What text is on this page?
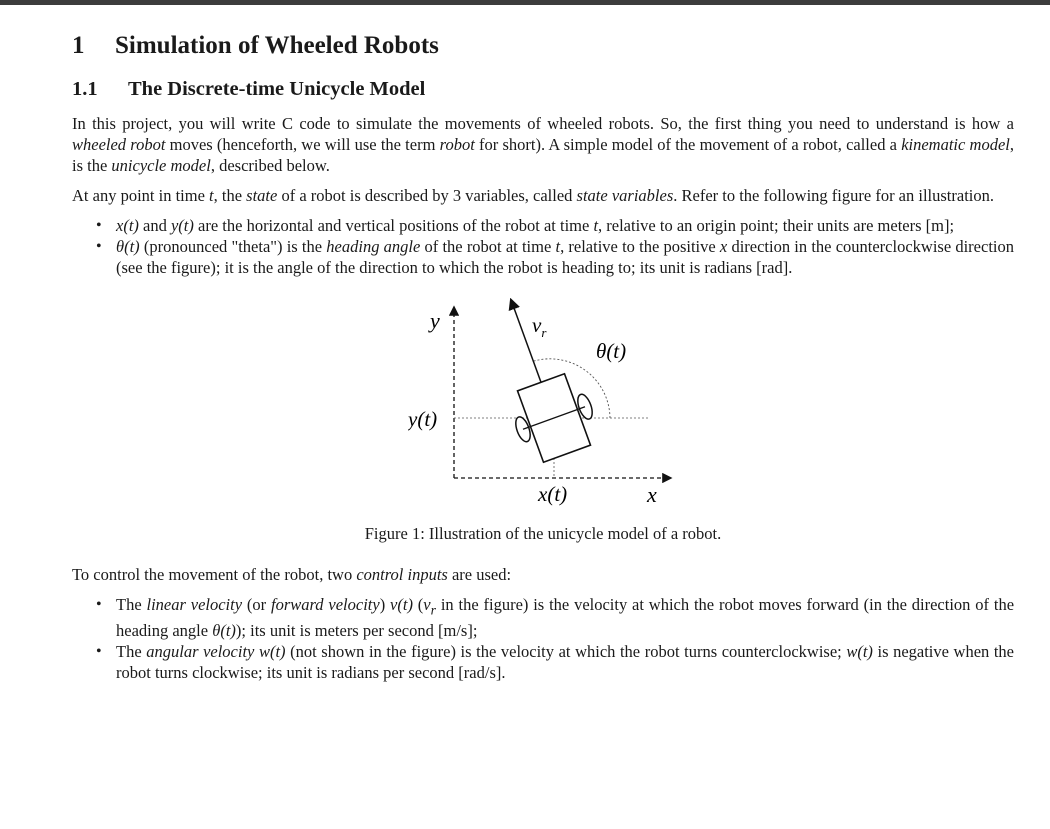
1 Simulation of Wheeled Robots
1.1 The Discrete-time Unicycle Model

In this project, you will write C code to simulate the movements of wheeled robots. So, the first thing you need to understand is how a wheeled robot moves (henceforth, we will use the term robot for short). A simple model of the movement of a robot, called a kinematic model, is the unicycle model, described below.

At any point in time t, the state of a robot is described by 3 variables, called state variables. Refer to the following figure for an illustration.

• x(t) and y(t) are the horizontal and vertical positions of the robot at time t, relative to an origin point; their units are meters [m];
• θ(t) (pronounced "theta") is the heading angle of the robot at time t, relative to the positive x direction in the counterclockwise direction (see the figure); it is the angle of the direction to which the robot is heading to; its unit is radians [rad].
y
x
y(t)
x(t)
θ(t)
$v_r$
Figure 1: Illustration of the unicycle model of a robot.

To control the movement of the robot, two control inputs are used:

• The linear velocity (or forward velocity) v(t) ($v_r$ in the figure) is the velocity at which the robot moves forward (in the direction of the heading angle θ(t)); its unit is meters per second [m/s];
• The angular velocity w(t) (not shown in the figure) is the velocity at which the robot turns counterclockwise; w(t) is negative when the robot turns clockwise; its unit is radians per second [rad/s].
